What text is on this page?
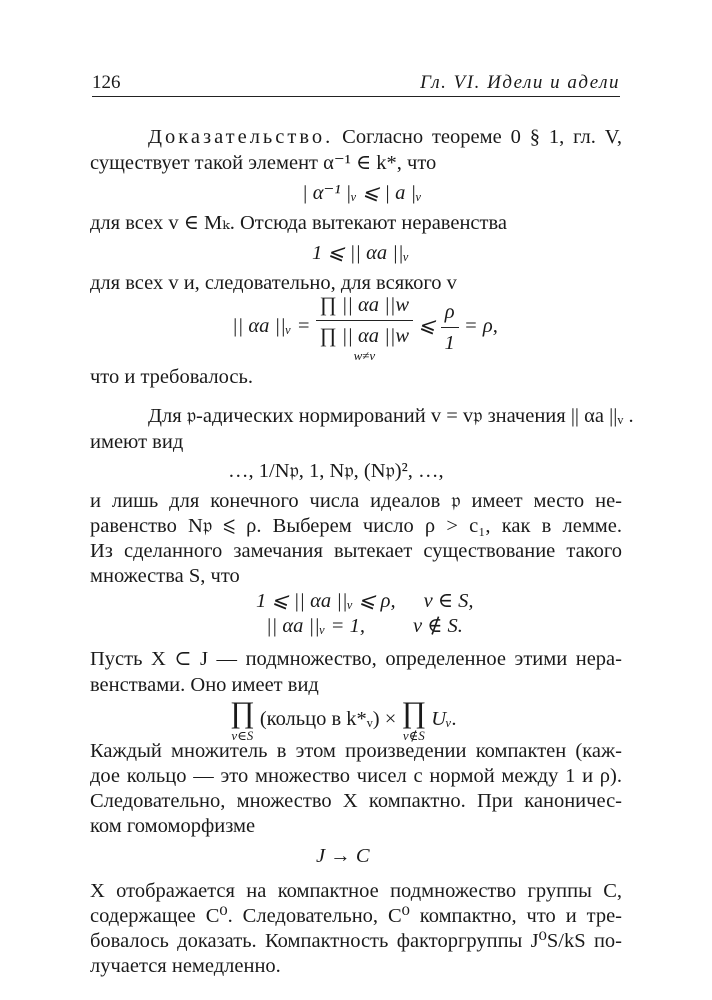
126	Гл. VI. Идели и адели
Доказательство. Согласно теореме 0 § 1, гл. V,
существует такой элемент α⁻¹ ∈ k*, что
| α⁻¹ |ᵥ ⩽ | a |ᵥ
для всех v ∈ Mₖ. Отсюда вытекают неравенства
1 ⩽ || αa ||ᵥ
для всех v и, следовательно, для всякого v
|| αa ||ᵥ =
∏ || αa ||w
∏ || αa ||w
w≠v
⩽ $\frac{\rho}{1} = \rho$,
что и требовалось.
Для 𝔭-адических нормирований v = v𝔭 значения || αa ||ᵥ .
имеют вид
…, 1/N𝔭, 1, N𝔭, (N𝔭)², …,
и лишь для конечного числа идеалов 𝔭 имеет место не-
равенство N𝔭 ⩽ ρ. Выберем число ρ > c₁, как в лемме.
Из сделанного замечания вытекает существование такого
множества S, что
1 ⩽ || αa ||ᵥ ⩽ ρ, v ∈ S,
|| αa ||ᵥ = 1, v ∉ S.
Пусть X ⊂ J — подмножество, определенное этими нера-
венствами. Оно имеет вид
∏
v∈S
(кольцо в k*ᵥ) × ∏
v∉S
Uᵥ.
Каждый множитель в этом произведении компактен (каж-
дое кольцо — это множество чисел с нормой между 1 и ρ).
Следовательно, множество X компактно. При каноничес-
ком гомоморфизме
J → C
X отображается на компактное подмножество группы C,
содержащее C⁰. Следовательно, C⁰ компактно, что и тре-
бовалось доказать. Компактность факторгруппы J⁰S/kS по-
лучается немедленно.
